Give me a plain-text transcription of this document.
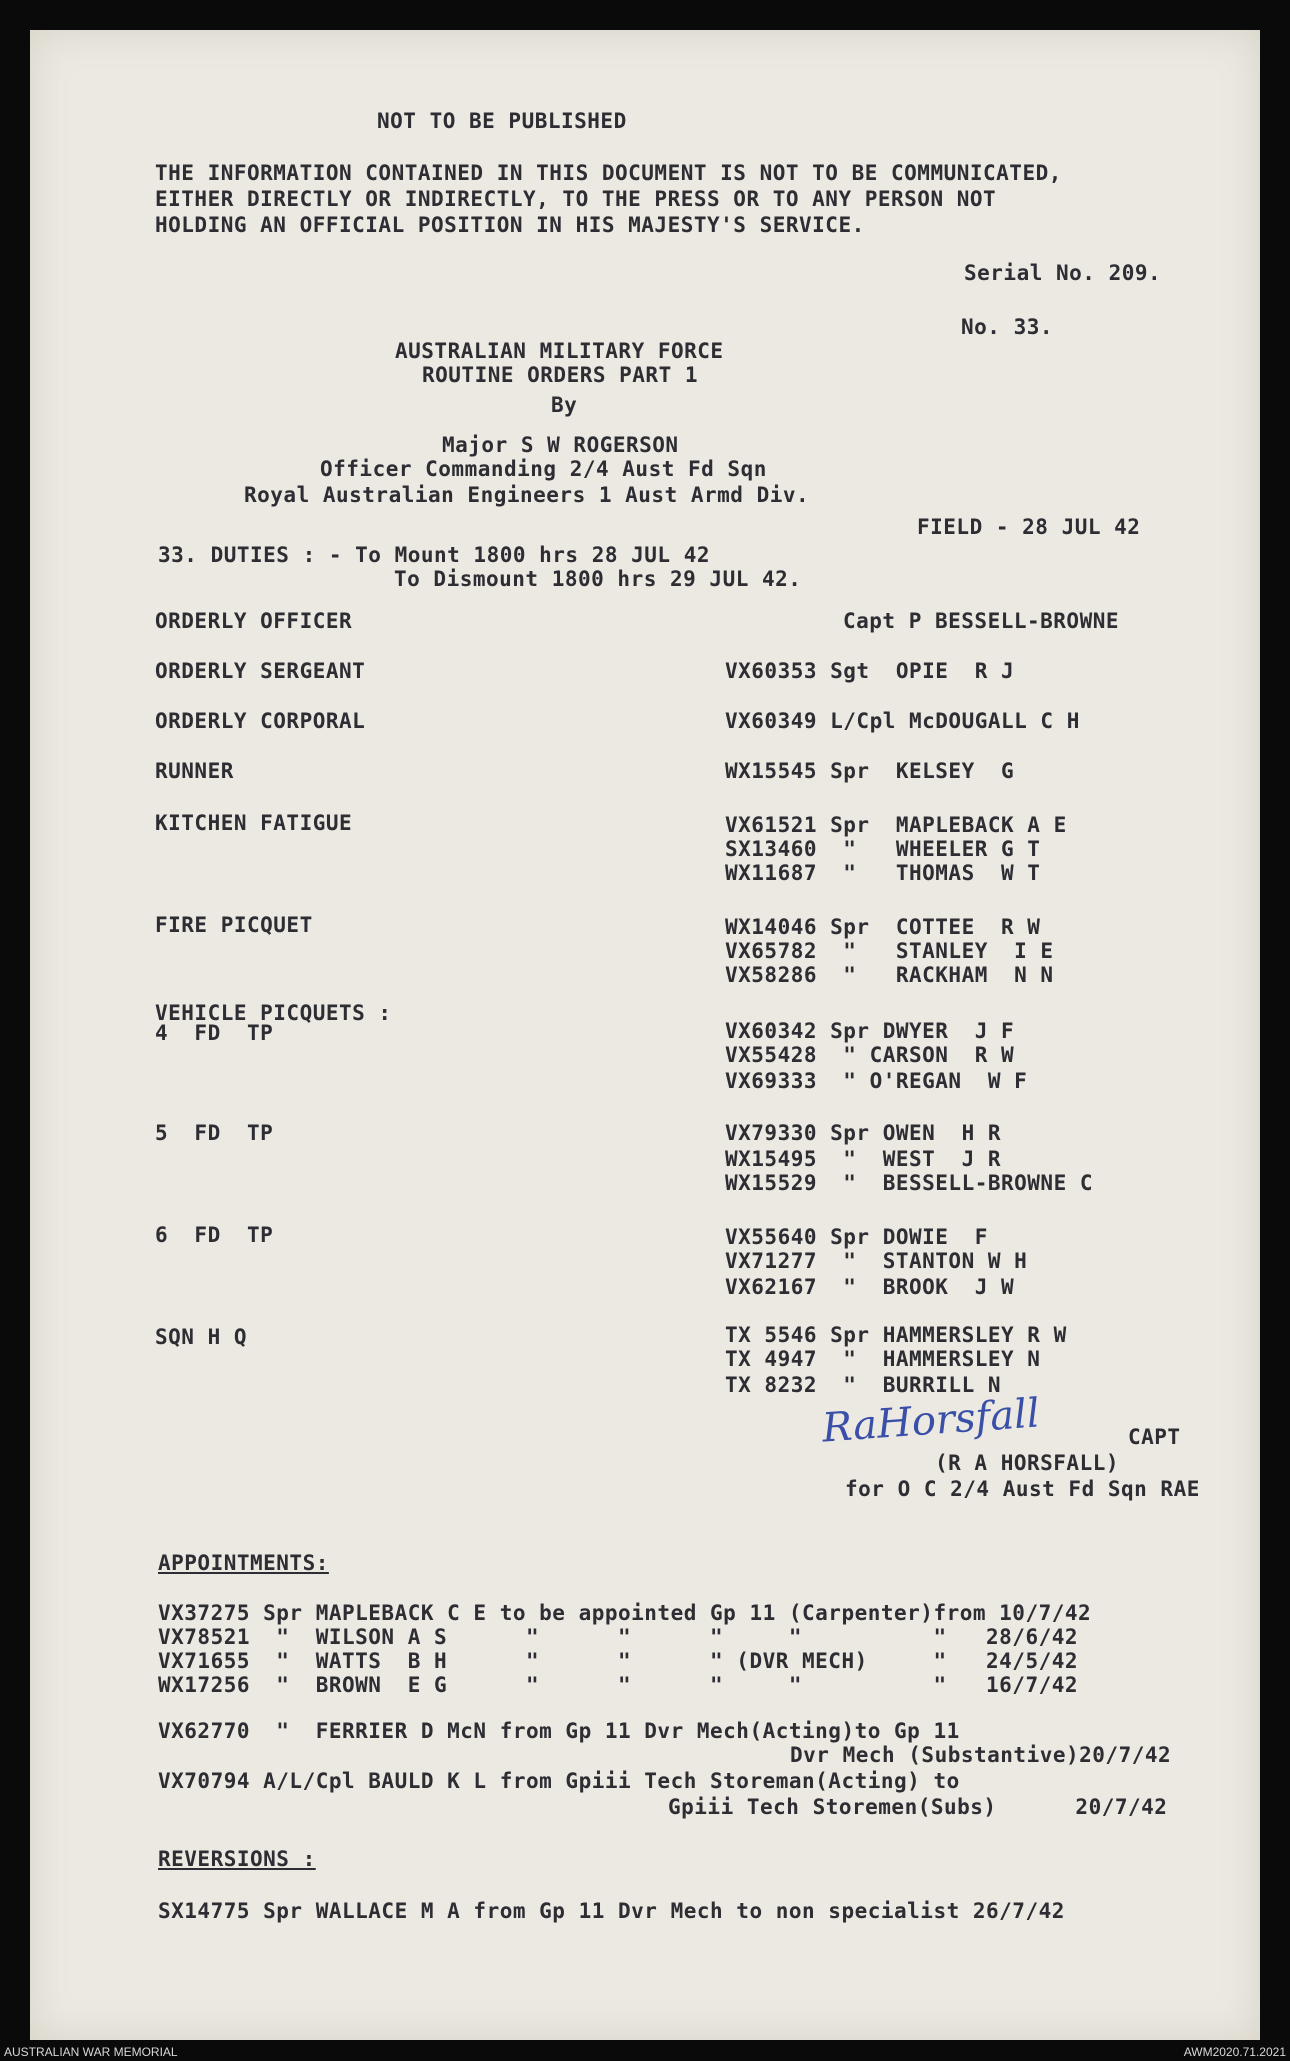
NOT TO BE PUBLISHED
THE INFORMATION CONTAINED IN THIS DOCUMENT IS NOT TO BE COMMUNICATED,
EITHER DIRECTLY OR INDIRECTLY, TO THE PRESS OR TO ANY PERSON NOT
HOLDING AN OFFICIAL POSITION IN HIS MAJESTY'S SERVICE.
Serial No. 209.
No. 33.
AUSTRALIAN MILITARY FORCE
ROUTINE ORDERS PART 1
By
Major S W ROGERSON
Officer Commanding 2/4 Aust Fd Sqn
Royal Australian Engineers 1 Aust Armd Div.
FIELD - 28 JUL 42
33. DUTIES : - To Mount 1800 hrs 28 JUL 42
To Dismount 1800 hrs 29 JUL 42.
ORDERLY OFFICER	Capt P BESSELL-BROWNE
ORDERLY SERGEANT	VX60353 Sgt  OPIE  R J
ORDERLY CORPORAL	VX60349 L/Cpl McDOUGALL C H
RUNNER	WX15545 Spr  KELSEY  G
KITCHEN FATIGUE	VX61521 Spr  MAPLEBACK A E
SX13460  "   WHEELER G T
WX11687  "   THOMAS  W T
FIRE PICQUET	WX14046 Spr  COTTEE  R W
VX65782  "   STANLEY  I E
VX58286  "   RACKHAM  N N
VEHICLE PICQUETS :
4  FD  TP	VX60342 Spr DWYER  J F
VX55428  " CARSON  R W
VX69333  " O'REGAN  W F
5  FD  TP	VX79330 Spr OWEN  H R
WX15495  "  WEST  J R
WX15529  "  BESSELL-BROWNE C
6  FD  TP	VX55640 Spr DOWIE  F
VX71277  "  STANTON W H
VX62167  "  BROOK  J W
SQN H Q	TX 5546 Spr HAMMERSLEY R W
TX 4947  "  HAMMERSLEY N
TX 8232  "  BURRILL N
RaHorsfall	CAPT
(R A HORSFALL)
for O C 2/4 Aust Fd Sqn RAE
APPOINTMENTS:
VX37275 Spr MAPLEBACK C E to be appointed Gp 11 (Carpenter)from 10/7/42
VX78521  "  WILSON A S      "      "      "     "          "   28/6/42
VX71655  "  WATTS  B H      "      "      " (DVR MECH)     "   24/5/42
WX17256  "  BROWN  E G      "      "      "     "          "   16/7/42
VX62770  "  FERRIER D McN from Gp 11 Dvr Mech(Acting)to Gp 11
Dvr Mech (Substantive)20/7/42
VX70794 A/L/Cpl BAULD K L from Gpiii Tech Storeman(Acting) to
Gpiii Tech Storemen(Subs)      20/7/42
REVERSIONS :
SX14775 Spr WALLACE M A from Gp 11 Dvr Mech to non specialist 26/7/42
AUSTRALIAN WAR MEMORIAL	AWM2020.71.2021
